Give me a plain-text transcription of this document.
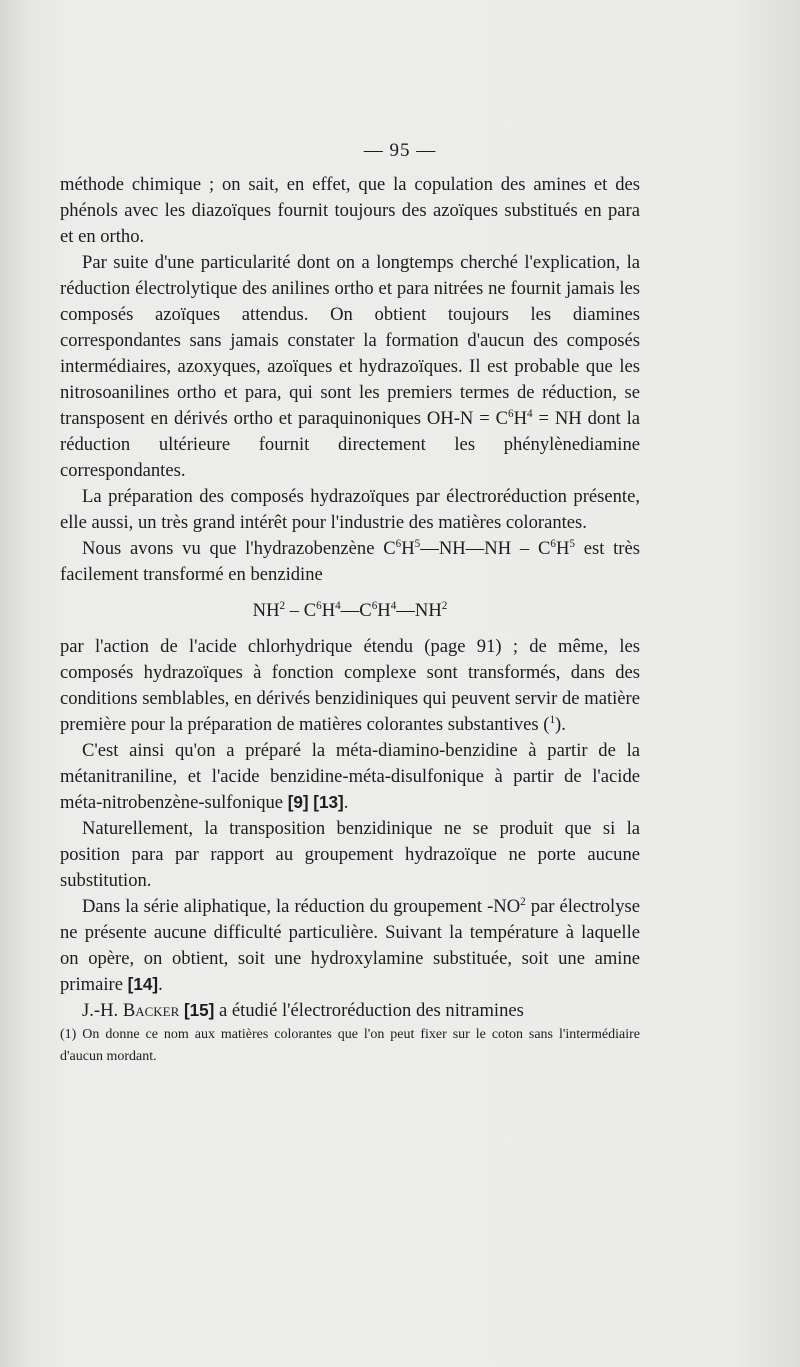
— 95 —

méthode chimique ; on sait, en effet, que la copulation des amines et des phénols avec les diazoïques fournit toujours des azoïques substitués en para et en ortho.

Par suite d'une particularité dont on a longtemps cherché l'explication, la réduction électrolytique des anilines ortho et para nitrées ne fournit jamais les composés azoïques attendus. On obtient toujours les diamines correspondantes sans jamais constater la formation d'aucun des composés intermédiaires, azoxyques, azoïques et hydrazoïques. Il est probable que les nitrosoanilines ortho et para, qui sont les premiers termes de réduction, se transposent en dérivés ortho et paraquinoniques $OH-N = C^6H^4$ = NH dont la réduction ultérieure fournit directement les phénylènediamine correspondantes.

La préparation des composés hydrazoïques par électroréduction présente, elle aussi, un très grand intérêt pour l'industrie des matières colorantes.

Nous avons vu que l'hydrazobenzène $C^6H^5—NH—NH - C^6H^5$ est très facilement transformé en benzidine

$NH^2$ – $C^6H^4—C^6H^4—NH^2$

par l'action de l'acide chlorhydrique étendu (page 91) ; de même, les composés hydrazoïques à fonction complexe sont transformés, dans des conditions semblables, en dérivés benzidiniques qui peuvent servir de matière première pour la préparation de matières colorantes substantives ($^1$).

C'est ainsi qu'on a préparé la méta-diamino-benzidine à partir de la métanitraniline, et l'acide benzidine-méta-disulfonique à partir de l'acide méta-nitrobenzène-sulfonique [9] [13].

Naturellement, la transposition benzidinique ne se produit que si la position para par rapport au groupement hydrazoïque ne porte aucune substitution.

Dans la série aliphatique, la réduction du groupement $-NO^2$ par électrolyse ne présente aucune difficulté particulière. Suivant la température à laquelle on opère, on obtient, soit une hydroxylamine substituée, soit une amine primaire [14].

J.-H. Backer [15] a étudié l'électroréduction des nitramines

(1) On donne ce nom aux matières colorantes que l'on peut fixer sur le coton sans l'intermédiaire d'aucun mordant.
